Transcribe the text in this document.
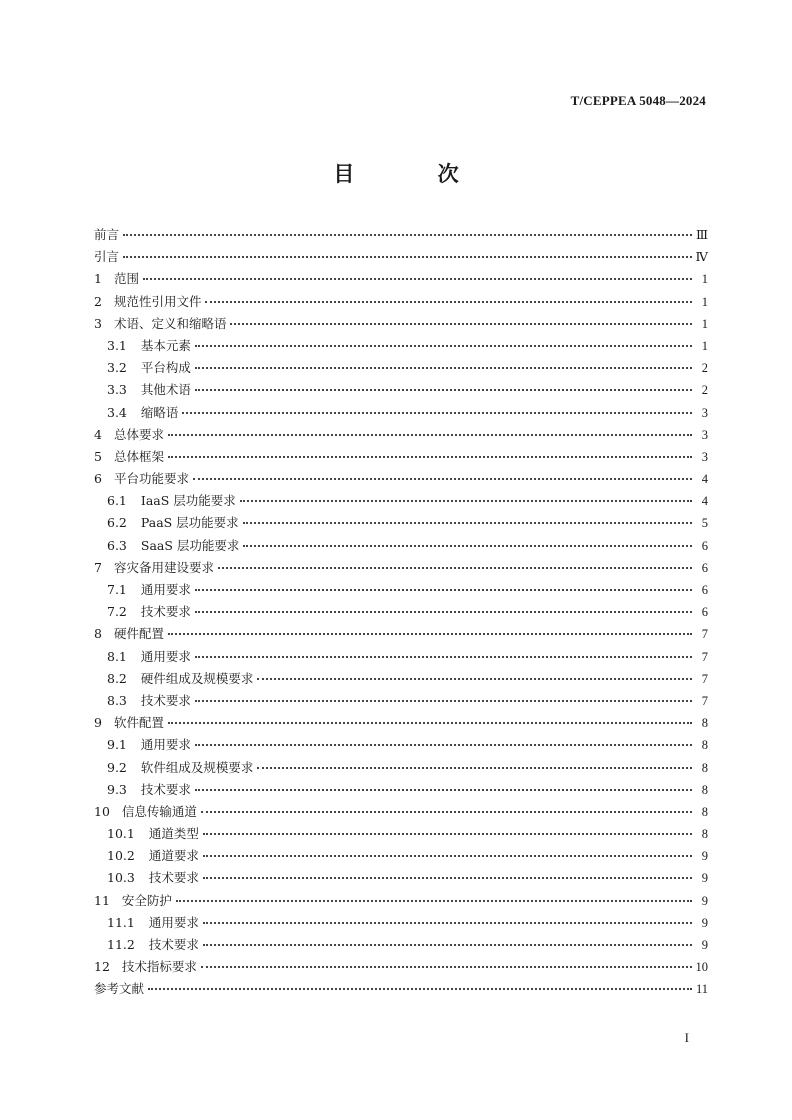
T/CEPPEA 5048—2024
目 次
前言	Ⅲ
引言	Ⅳ
1 范围	1
2 规范性引用文件	1
3 术语、定义和缩略语	1
3.1 基本元素	1
3.2 平台构成	2
3.3 其他术语	2
3.4 缩略语	3
4 总体要求	3
5 总体框架	3
6 平台功能要求	4
6.1 IaaS 层功能要求	4
6.2 PaaS 层功能要求	5
6.3 SaaS 层功能要求	6
7 容灾备用建设要求	6
7.1 通用要求	6
7.2 技术要求	6
8 硬件配置	7
8.1 通用要求	7
8.2 硬件组成及规模要求	7
8.3 技术要求	7
9 软件配置	8
9.1 通用要求	8
9.2 软件组成及规模要求	8
9.3 技术要求	8
10 信息传输通道	8
10.1 通道类型	8
10.2 通道要求	9
10.3 技术要求	9
11 安全防护	9
11.1 通用要求	9
11.2 技术要求	9
12 技术指标要求	10
参考文献	11
I
